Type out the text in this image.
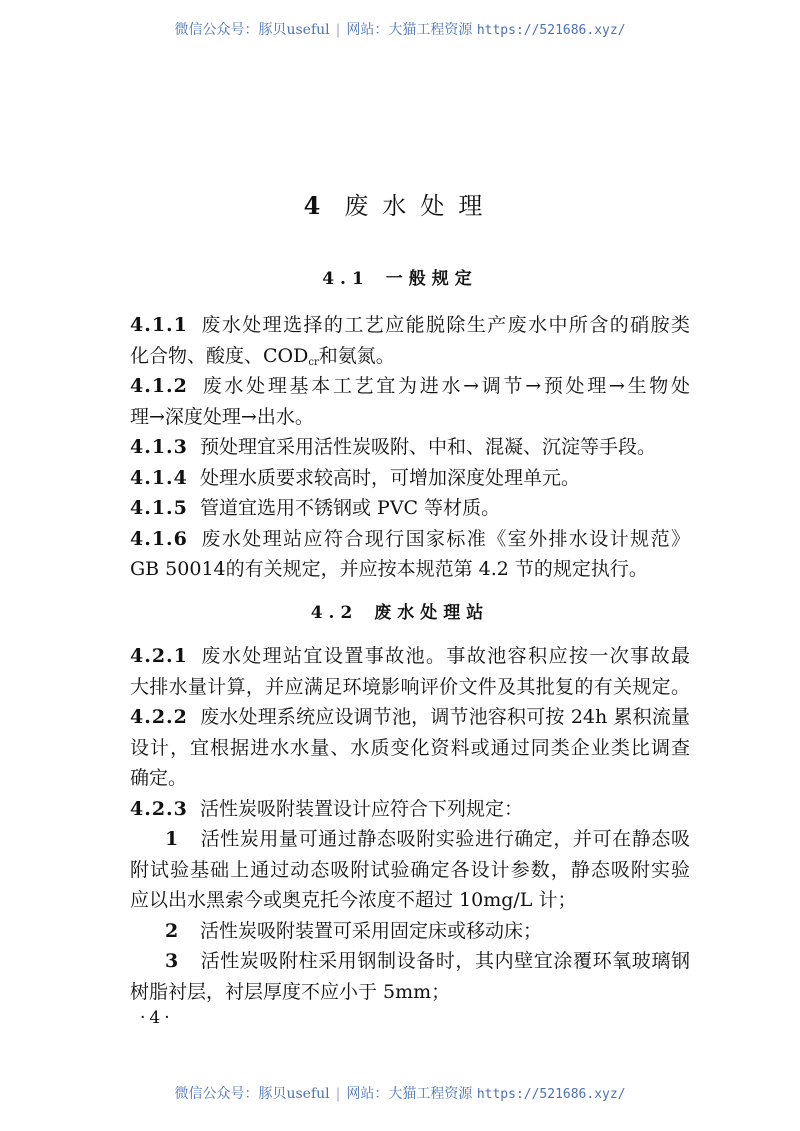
微信公众号：豚贝useful | 网站：大猫工程资源 https://521686.xyz/
4 废水处理
4.1 一般规定
4.1.1 废水处理选择的工艺应能脱除生产废水中所含的硝胺类
化合物、酸度、$COD_{cr}$和氨氮。
4.1.2 废水处理基本工艺宜为进水→调节→预处理→生物处
理→深度处理→出水。
4.1.3 预处理宜采用活性炭吸附、中和、混凝、沉淀等手段。
4.1.4 处理水质要求较高时，可增加深度处理单元。
4.1.5 管道宜选用不锈钢或 PVC 等材质。
4.1.6 废水处理站应符合现行国家标准《室外排水设计规范》
GB 50014的有关规定，并应按本规范第 4.2 节的规定执行。
4.2 废水处理站
4.2.1 废水处理站宜设置事故池。事故池容积应按一次事故最
大排水量计算，并应满足环境影响评价文件及其批复的有关规定。
4.2.2 废水处理系统应设调节池，调节池容积可按 24h 累积流量
设计，宜根据进水水量、水质变化资料或通过同类企业类比调查
确定。
4.2.3 活性炭吸附装置设计应符合下列规定：
1 活性炭用量可通过静态吸附实验进行确定，并可在静态吸
附试验基础上通过动态吸附试验确定各设计参数，静态吸附实验
应以出水黑索今或奥克托今浓度不超过 10mg/L 计；
2 活性炭吸附装置可采用固定床或移动床；
3 活性炭吸附柱采用钢制设备时，其内壁宜涂覆环氧玻璃钢
树脂衬层，衬层厚度不应小于 5mm；
·4·
微信公众号：豚贝useful | 网站：大猫工程资源 https://521686.xyz/
